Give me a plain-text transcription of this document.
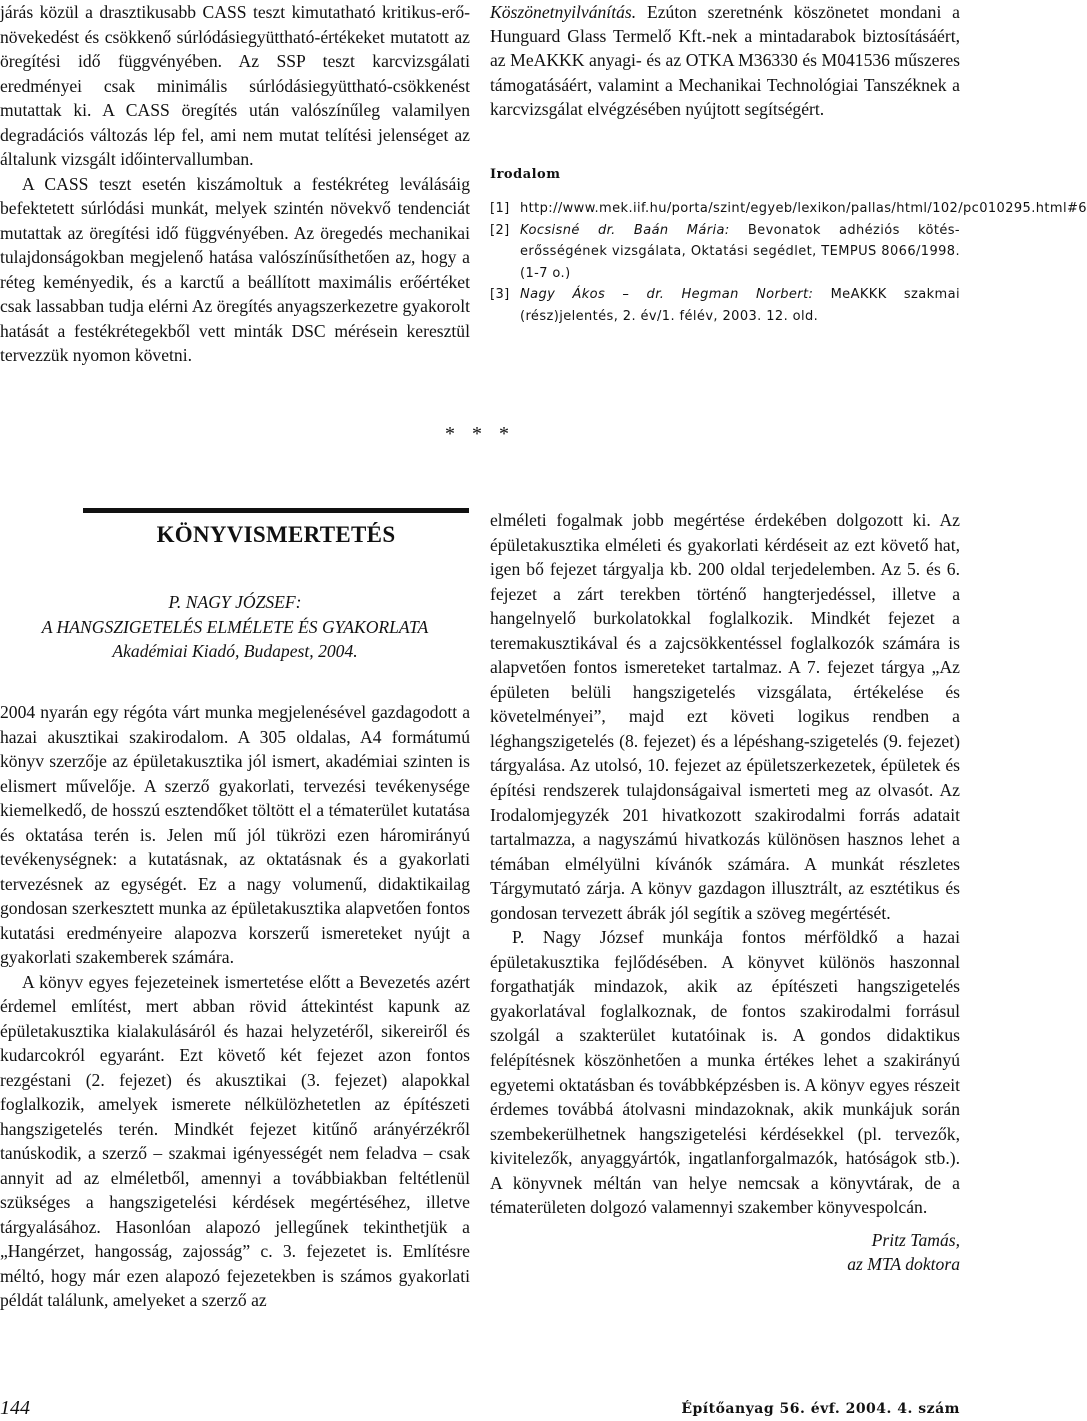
járás közül a drasztikusabb CASS teszt kimutatható kritikus-erő-növekedést és csökkenő súrlódásiegyüttható-értékeket mutatott az öregítési idő függvényében. Az SSP teszt karcvizsgálati eredményei csak minimális súrlódásiegyüttható-csökkenést mutattak ki. A CASS öregítés után valószínűleg valamilyen degradációs változás lép fel, ami nem mutat telítési jelenséget az általunk vizsgált időintervallumban.

A CASS teszt esetén kiszámoltuk a festékréteg leválásáig befektetett súrlódási munkát, melyek szintén növekvő tendenciát mutattak az öregítési idő függvényében. Az öregedés mechanikai tulajdonságokban megjelenő hatása valószínűsíthetően az, hogy a réteg keményedik, és a karctű a beállított maximális erőértéket csak lassabban tudja elérni Az öregítés anyagszerkezetre gyakorolt hatását a festékrétegekből vett minták DSC mérésein keresztül tervezzük nyomon követni.

Köszönetnyilvánítás. Ezúton szeretnénk köszönetet mondani a Hunguard Glass Termelő Kft.-nek a mintadarabok biztosításáért, az MeAKKK anyagi- és az OTKA M36330 és M041536 műszeres támogatásáért, valamint a Mechanikai Technológiai Tanszéknek a karcvizsgálat elvégzésében nyújtott segítségért.

Irodalom
[1] http://www.mek.iif.hu/porta/szint/egyeb/lexikon/pallas/html/102/pc010295.html#6
[2] Kocsisné dr. Baán Mária: Bevonatok adhéziós kötés-erősségének vizsgálata, Oktatási segédlet, TEMPUS 8066/1998. (1-7 o.)
[3] Nagy Ákos – dr. Hegman Norbert: MeAKKK szakmai (rész)jelentés, 2. év/1. félév, 2003. 12. old.
* * *
KÖNYVISMERTETÉS
P. NAGY JÓZSEF:
A HANGSZIGETELÉS ELMÉLETE ÉS GYAKORLATA
Akadémiai Kiadó, Budapest, 2004.

2004 nyarán egy régóta várt munka megjelenésével gazdagodott a hazai akusztikai szakirodalom. A 305 oldalas, A4 formátumú könyv szerzője az épületakusztika jól ismert, akadémiai szinten is elismert művelője. A szerző gyakorlati, tervezési tevékenysége kiemelkedő, de hosszú esztendőket töltött el a tématerület kutatása és oktatása terén is. Jelen mű jól tükrözi ezen háromirányú tevékenységnek: a kutatásnak, az oktatásnak és a gyakorlati tervezésnek az egységét. Ez a nagy volumenű, didaktikailag gondosan szerkesztett munka az épületakusztika alapvetően fontos kutatási eredményeire alapozva korszerű ismereteket nyújt a gyakorlati szakemberek számára.

A könyv egyes fejezeteinek ismertetése előtt a Bevezetés azért érdemel említést, mert abban rövid áttekintést kapunk az épületakusztika kialakulásáról és hazai helyzetéről, sikereiről és kudarcokról egyaránt. Ezt követő két fejezet azon fontos rezgéstani (2. fejezet) és akusztikai (3. fejezet) alapokkal foglalkozik, amelyek ismerete nélkülözhetetlen az építészeti hangszigetelés terén. Mindkét fejezet kitűnő arányérzékről tanúskodik, a szerző – szakmai igényességét nem feladva – csak annyit ad az elméletből, amennyi a továbbiakban feltétlenül szükséges a hangszigetelési kérdések megértéséhez, illetve tárgyalásához. Hasonlóan alapozó jellegűnek tekinthetjük a „Hangérzet, hangosság, zajosság” c. 3. fejezetet is. Említésre méltó, hogy már ezen alapozó fejezetekben is számos gyakorlati példát találunk, amelyeket a szerző az

elméleti fogalmak jobb megértése érdekében dolgozott ki. Az épületakusztika elméleti és gyakorlati kérdéseit az ezt követő hat, igen bő fejezet tárgyalja kb. 200 oldal terjedelemben. Az 5. és 6. fejezet a zárt terekben történő hangterjedéssel, illetve a hangelnyelő burkolatokkal foglalkozik. Mindkét fejezet a teremakusztikával és a zajcsökkentéssel foglalkozók számára is alapvetően fontos ismereteket tartalmaz. A 7. fejezet tárgya „Az épületen belüli hangszigetelés vizsgálata, értékelése és követelményei”, majd ezt követi logikus rendben a léghangszigetelés (8. fejezet) és a lépéshang-szigetelés (9. fejezet) tárgyalása. Az utolsó, 10. fejezet az épületszerkezetek, épületek és építési rendszerek tulajdonságaival ismerteti meg az olvasót. Az Irodalomjegyzék 201 hivatkozott szakirodalmi forrás adatait tartalmazza, a nagyszámú hivatkozás különösen hasznos lehet a témában elmélyülni kívánók számára. A munkát részletes Tárgymutató zárja. A könyv gazdagon illusztrált, az esztétikus és gondosan tervezett ábrák jól segítik a szöveg megértését.

P. Nagy József munkája fontos mérföldkő a hazai épületakusztika fejlődésében. A könyvet különös haszonnal forgathatják mindazok, akik az építészeti hangszigetelés gyakorlatával foglalkoznak, de fontos szakirodalmi forrásul szolgál a szakterület kutatóinak is. A gondos didaktikus felépítésnek köszönhetően a munka értékes lehet a szakirányú egyetemi oktatásban és továbbképzésben is. A könyv egyes részeit érdemes továbbá átolvasni mindazoknak, akik munkájuk során szembekerülhetnek hangszigetelési kérdésekkel (pl. tervezők, kivitelezők, anyaggyártók, ingatlanforgalmazók, hatóságok stb.). A könyvnek méltán van helye nemcsak a könyvtárak, de a tématerületen dolgozó valamennyi szakember könyvespolcán.

Pritz Tamás,

az MTA doktora

144	Építőanyag 56. évf. 2004. 4. szám
